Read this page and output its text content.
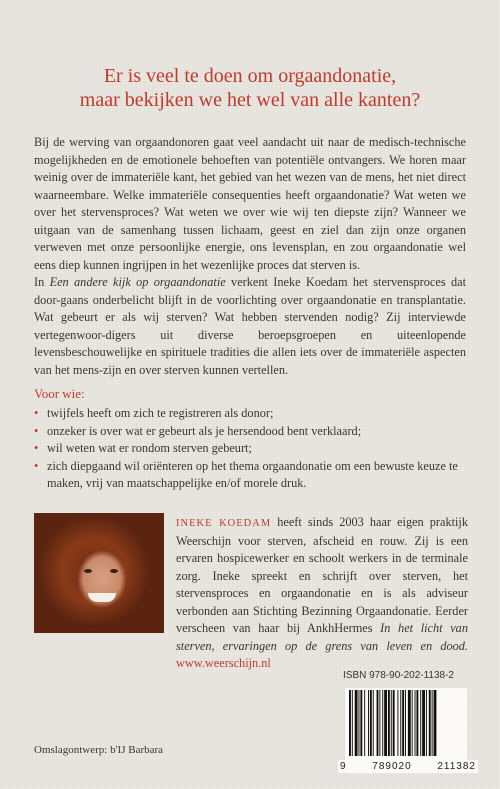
Er is veel te doen om orgaandonatie,
maar bekijken we het wel van alle kanten?

Bij de werving van orgaandonoren gaat veel aandacht uit naar de medisch-technische mogelijkheden en de emotionele behoeften van potentiële ontvangers. We horen maar weinig over de immateriële kant, het gebied van het wezen van de mens, het niet direct waarneembare. Welke immateriële consequenties heeft orgaandonatie? Wat weten we over het stervensproces? Wat weten we over wie wij ten diepste zijn? Wanneer we uitgaan van de samenhang tussen lichaam, geest en ziel dan zijn onze organen verweven met onze persoonlijke energie, ons levensplan, en zou orgaandonatie wel eens diep kunnen ingrijpen in het wezenlijke proces dat sterven is.

In Een andere kijk op orgaandonatie verkent Ineke Koedam het stervensproces dat door-gaans onderbelicht blijft in de voorlichting over orgaandonatie en transplantatie. Wat gebeurt er als wij sterven? Wat hebben stervenden nodig? Zij interviewde vertegenwoor-digers uit diverse beroepsgroepen en uiteenlopende levensbeschouwelijke en spirituele tradities die allen iets over de immateriële aspecten van het mens-zijn en over sterven kunnen vertellen.

Voor wie:
• twijfels heeft om zich te registreren als donor;
• onzeker is over wat er gebeurt als je hersendood bent verklaard;
• wil weten wat er rondom sterven gebeurt;
• zich diepgaand wil oriënteren op het thema orgaandonatie om een bewuste keuze te maken, vrij van maatschappelijke en/of morele druk.
INEKE KOEDAM heeft sinds 2003 haar eigen praktijk Weerschijn voor sterven, afscheid en rouw. Zij is een ervaren hospicewerker en schoolt werkers in de terminale zorg. Ineke spreekt en schrijft over sterven, het stervensproces en orgaandonatie en is als adviseur verbonden aan Stichting Bezinning Orgaandonatie. Eerder verscheen van haar bij AnkhHermes In het licht van sterven, ervaringen op de grens van leven en dood. www.weerschijn.nl
ISBN 978-90-202-1138-2
9	789020	211382
Omslagontwerp: b'IJ Barbara
